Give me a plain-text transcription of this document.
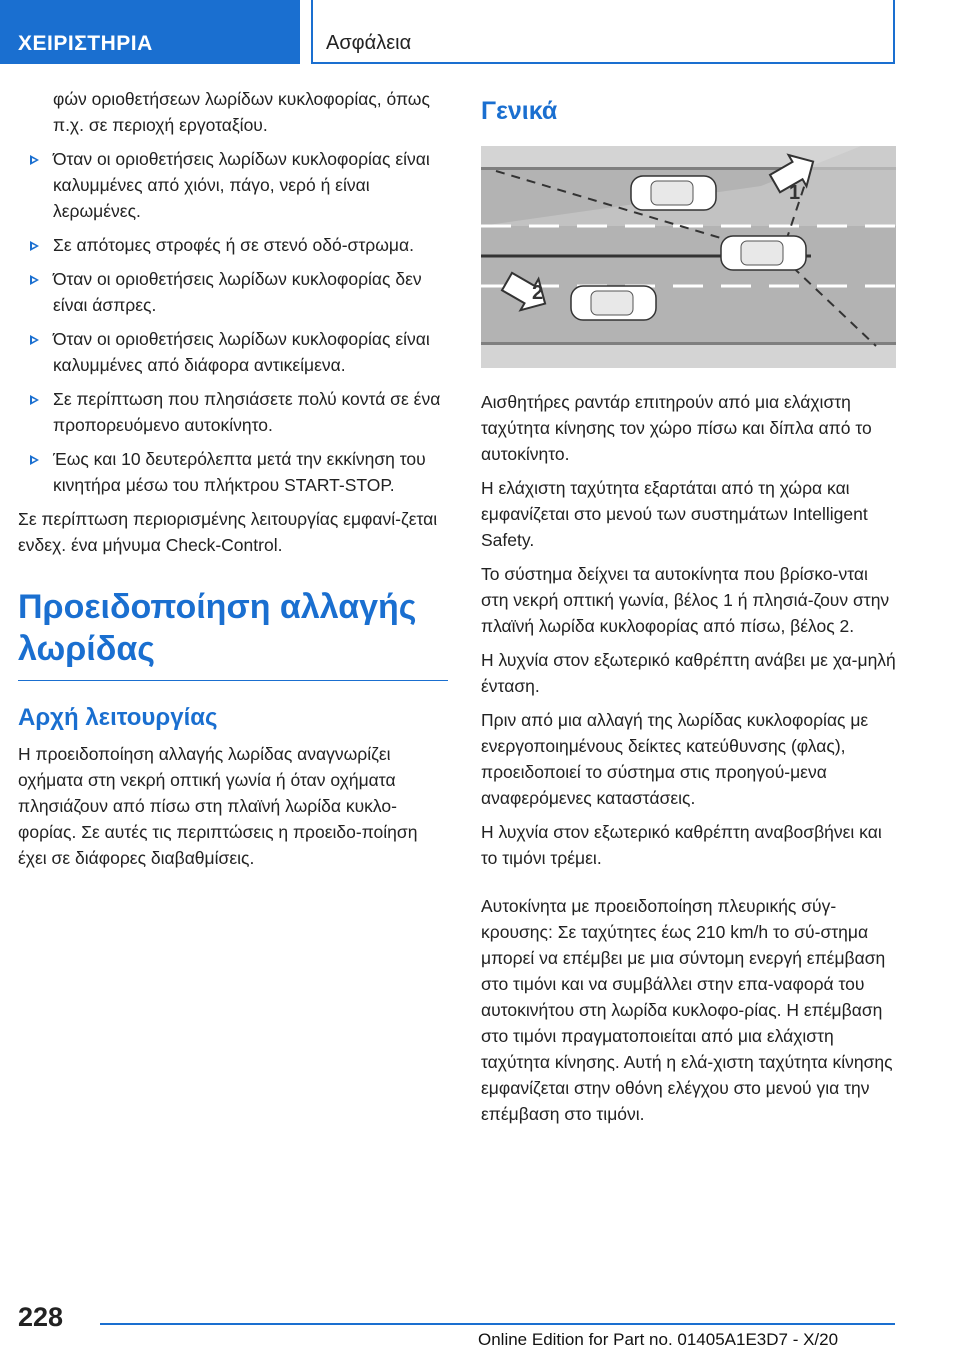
ΧΕΙΡΙΣΤΗΡΙΑ	Ασφάλεια

φών οριοθετήσεων λωρίδων κυκλοφορίας, όπως π.χ. σε περιοχή εργοταξίου.

Όταν οι οριοθετήσεις λωρίδων κυκλοφορίας είναι καλυμμένες από χιόνι, πάγο, νερό ή είναι λερωμένες.
Σε απότομες στροφές ή σε στενό οδό-στρωμα.
Όταν οι οριοθετήσεις λωρίδων κυκλοφορίας δεν είναι άσπρες.
Όταν οι οριοθετήσεις λωρίδων κυκλοφορίας είναι καλυμμένες από διάφορα αντικείμενα.
Σε περίπτωση που πλησιάσετε πολύ κοντά σε ένα προπορευόμενο αυτοκίνητο.
Έως και 10 δευτερόλεπτα μετά την εκκίνηση του κινητήρα μέσω του πλήκτρου START-STOP.

Σε περίπτωση περιορισμένης λειτουργίας εμφανί-ζεται ενδεχ. ένα μήνυμα Check-Control.

Προειδοποίηση αλλαγής λωρίδας
Αρχή λειτουργίας

Η προειδοποίηση αλλαγής λωρίδας αναγνωρίζει οχήματα στη νεκρή οπτική γωνία ή όταν οχήματα πλησιάζουν από πίσω στη πλαϊνή λωρίδα κυκλο-φορίας. Σε αυτές τις περιπτώσεις η προειδο-ποίηση έχει σε διάφορες διαβαθμίσεις.

Γενικά
1
2

Αισθητήρες ραντάρ επιτηρούν από μια ελάχιστη ταχύτητα κίνησης τον χώρο πίσω και δίπλα από το αυτοκίνητο.

Η ελάχιστη ταχύτητα εξαρτάται από τη χώρα και εμφανίζεται στο μενού των συστημάτων Intelligent Safety.

Το σύστημα δείχνει τα αυτοκίνητα που βρίσκο-νται στη νεκρή οπτική γωνία, βέλος 1 ή πλησιά-ζουν στην πλαϊνή λωρίδα κυκλοφορίας από πίσω, βέλος 2.

Η λυχνία στον εξωτερικό καθρέπτη ανάβει με χα-μηλή ένταση.

Πριν από μια αλλαγή της λωρίδας κυκλοφορίας με ενεργοποιημένους δείκτες κατεύθυνσης (φλας), προειδοποιεί το σύστημα στις προηγού-μενα αναφερόμενες καταστάσεις.

Η λυχνία στον εξωτερικό καθρέπτη αναβοσβήνει και το τιμόνι τρέμει.

Αυτοκίνητα με προειδοποίηση πλευρικής σύγ-κρουσης: Σε ταχύτητες έως 210 km/h το σύ-στημα μπορεί να επέμβει με μια σύντομη ενεργή επέμβαση στο τιμόνι και να συμβάλλει στην επα-ναφορά του αυτοκινήτου στη λωρίδα κυκλοφο-ρίας. Η επέμβαση στο τιμόνι πραγματοποιείται από μια ελάχιστη ταχύτητα κίνησης. Αυτή η ελά-χιστη ταχύτητα κίνησης εμφανίζεται στην οθόνη ελέγχου στο μενού για την επέμβαση στο τιμόνι.

228
Online Edition for Part no. 01405A1E3D7 - X/20
